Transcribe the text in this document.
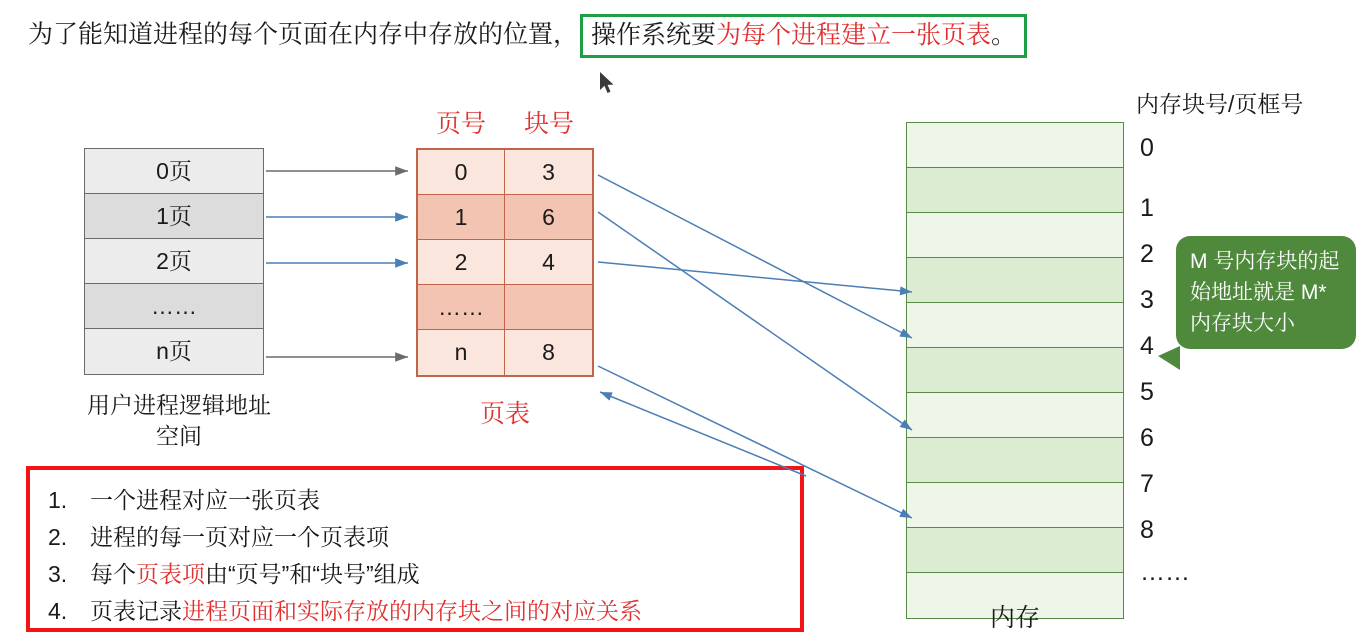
为了能知道进程的每个页面在内存中存放的位置， 操作系统要为每个进程建立一张页表。
0页
1页
2页
……
n页
用户进程逻辑地址空间
页号	块号
0	3
1	6
2	4
……
n	8
页表
内存
内存块号/页框号
0
1
2
3
4
5
6
7
8
……
M 号内存块的起始地址就是 M*内存块大小
1. 一个进程对应一张页表
2. 进程的每一页对应一个页表项
3. 每个页表项由“页号”和“块号”组成
4. 页表记录进程页面和实际存放的内存块之间的对应关系
